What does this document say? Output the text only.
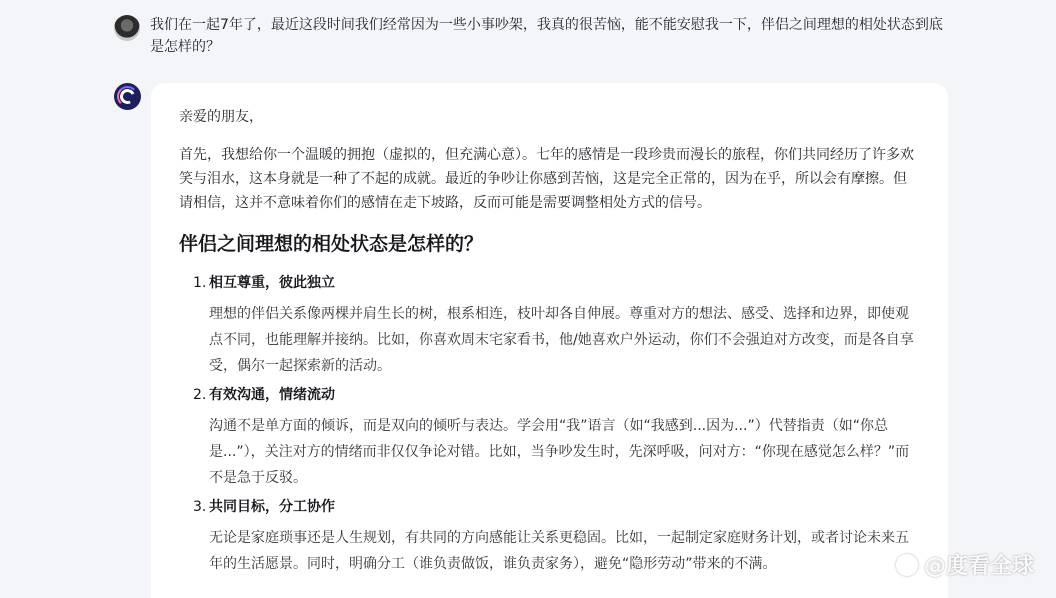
我们在一起7年了，最近这段时间我们经常因为一些小事吵架，我真的很苦恼，能不能安慰我一下，伴侣之间理想的相处状态到底是怎样的？
亲爱的朋友，
首先，我想给你一个温暖的拥抱（虚拟的，但充满心意）。七年的感情是一段珍贵而漫长的旅程，你们共同经历了许多欢笑与泪水，这本身就是一种了不起的成就。最近的争吵让你感到苦恼，这是完全正常的，因为在乎，所以会有摩擦。但请相信，这并不意味着你们的感情在走下坡路，反而可能是需要调整相处方式的信号。
伴侣之间理想的相处状态是怎样的？
1. 相互尊重，彼此独立
理想的伴侣关系像两棵并肩生长的树，根系相连，枝叶却各自伸展。尊重对方的想法、感受、选择和边界，即使观点不同，也能理解并接纳。比如，你喜欢周末宅家看书，他/她喜欢户外运动，你们不会强迫对方改变，而是各自享受，偶尔一起探索新的活动。
2. 有效沟通，情绪流动
沟通不是单方面的倾诉，而是双向的倾听与表达。学会用“我”语言（如“我感到...因为...”）代替指责（如“你总是...”），关注对方的情绪而非仅仅争论对错。比如，当争吵发生时，先深呼吸，问对方：“你现在感觉怎么样？”而不是急于反驳。
3. 共同目标，分工协作
无论是家庭琐事还是人生规划，有共同的方向感能让关系更稳固。比如，一起制定家庭财务计划，或者讨论未来五年的生活愿景。同时，明确分工（谁负责做饭，谁负责家务），避免“隐形劳动”带来的不满。	@度看全球
